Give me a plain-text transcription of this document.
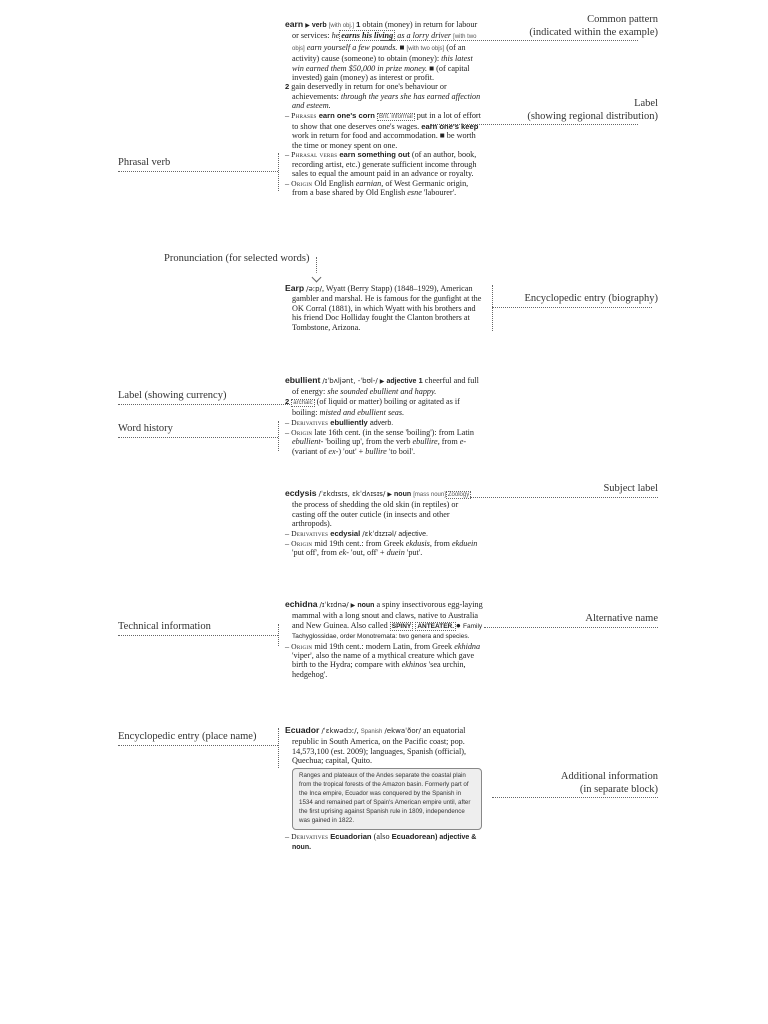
earn ▶ verb [with obj.] 1 obtain (money) in return for labour or services: he earns his living as a lorry driver [with two objs] earn yourself a few pounds. ■ [with two objs] (of an activity) cause (someone) to obtain (money): this latest win earned them $50,000 in prize money. ■ (of capital invested) gain (money) as interest or profit.

2 gain deservedly in return for one's behaviour or achievements: through the years she has earned affection and esteem.

– Phrases earn one's corn Brit. informal put in a lot of effort to show that one deserves one's wages. earn one's keep work in return for food and accommodation. ■ be worth the time or money spent on one.

– Phrasal verbs earn something out (of an author, book, recording artist, etc.) generate sufficient income through sales to equal the amount paid in an advance or royalty.

– Origin Old English earnian, of West Germanic origin, from a base shared by Old English esne 'labourer'.

Earp /əːp/, Wyatt (Berry Stapp) (1848–1929), American gambler and marshal. He is famous for the gunfight at the OK Corral (1881), in which Wyatt with his brothers and his friend Doc Holliday fought the Clanton brothers at Tombstone, Arizona.

ebullient /ɪˈbʌljənt, -ˈbʊl-/ ▶ adjective 1 cheerful and full of energy: she sounded ebullient and happy.

2 archaic (of liquid or matter) boiling or agitated as if boiling: misted and ebullient seas.

– Derivatives ebulliently adverb.

– Origin late 16th cent. (in the sense 'boiling'): from Latin ebullient- 'boiling up', from the verb ebullire, from e- (variant of ex-) 'out' + bullire 'to boil'.

ecdysis /ˈɛkdɪsɪs, ɛkˈdʌɪsɪs/ ▶ noun [mass noun] Zoology the process of shedding the old skin (in reptiles) or casting off the outer cuticle (in insects and other arthropods).

– Derivatives ecdysial /ɛkˈdɪzɪəl/ adjective.

– Origin mid 19th cent.: from Greek ekdusis, from ekduein 'put off', from ek- 'out, off' + duein 'put'.

echidna /ɪˈkɪdnə/ ▶ noun a spiny insectivorous egg-laying mammal with a long snout and claws, native to Australia and New Guinea. Also called SPINY ANTEATER. ● Family Tachyglossidae, order Monotremata: two genera and species.

– Origin mid 19th cent.: modern Latin, from Greek ekhidna 'viper', also the name of a mythical creature which gave birth to the Hydra; compare with ekhinos 'sea urchin, hedgehog'.

Ecuador /ˈɛkwədɔː/, Spanish /ekwaˈðor/ an equatorial republic in South America, on the Pacific coast; pop. 14,573,100 (est. 2009); languages, Spanish (official), Quechua; capital, Quito.

Ranges and plateaux of the Andes separate the coastal plain from the tropical forests of the Amazon basin. Formerly part of the Inca empire, Ecuador was conquered by the Spanish in 1534 and remained part of Spain's American empire until, after the first uprising against Spanish rule in 1809, independence was gained in 1822.

– Derivatives Ecuadorian (also Ecuadorean) adjective & noun.

Common pattern
(indicated within the example)
Label
(showing regional distribution)
Phrasal verb
Pronunciation (for selected words)
Encyclopedic entry (biography)
Label (showing currency)
Word history
Subject label
Technical information
Alternative name
Encyclopedic entry (place name)
Additional information
(in separate block)
